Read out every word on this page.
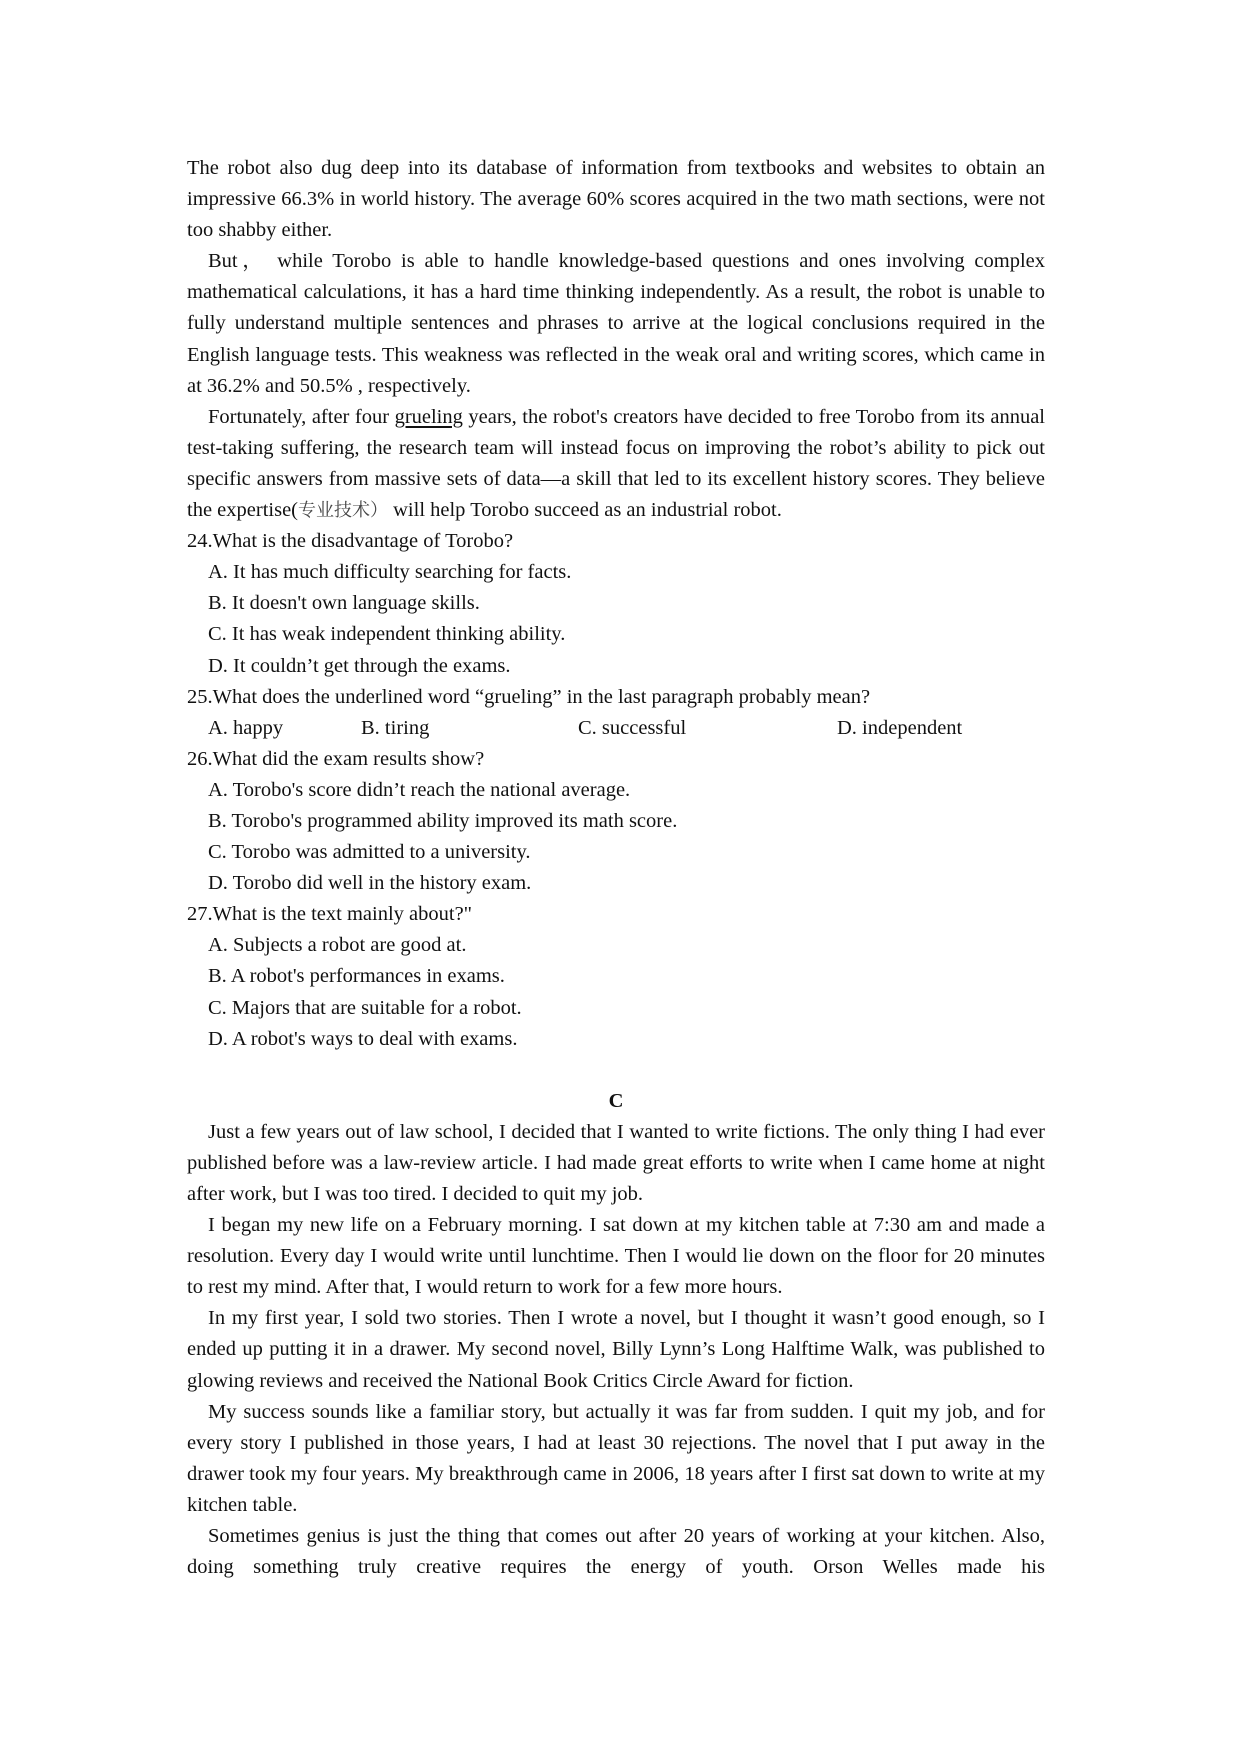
The robot also dug deep into its database of information from textbooks and websites to obtain an impressive 66.3% in world history. The average 60% scores acquired in the two math sections, were not too shabby either.

But， while Torobo is able to handle knowledge-based questions and ones involving complex mathematical calculations, it has a hard time thinking independently. As a result, the robot is unable to fully understand multiple sentences and phrases to arrive at the logical conclusions required in the English language tests. This weakness was reflected in the weak oral and writing scores, which came in at 36.2% and 50.5% , respectively.

Fortunately, after four grueling years, the robot's creators have decided to free Torobo from its annual test-taking suffering, the research team will instead focus on improving the robot’s ability to pick out specific answers from massive sets of data—a skill that led to its excellent history scores. They believe the expertise(专业技术） will help Torobo succeed as an industrial robot.

24.What is the disadvantage of Torobo?

A. It has much difficulty searching for facts.

B. It doesn't own language skills.

C. It has weak independent thinking ability.

D. It couldn’t get through the exams.

25.What does the underlined word “grueling” in the last paragraph probably mean?

A. happy	B. tiring	C. successful	D. independent

26.What did the exam results show?

A. Torobo's score didn’t reach the national average.

B. Torobo's programmed ability improved its math score.

C. Torobo was admitted to a university.

D. Torobo did well in the history exam.

27.What is the text mainly about?"

A. Subjects a robot are good at.

B. A robot's performances in exams.

C. Majors that are suitable for a robot.

D. A robot's ways to deal with exams.

C

Just a few years out of law school, I decided that I wanted to write fictions. The only thing I had ever published before was a law-review article. I had made great efforts to write when I came home at night after work, but I was too tired. I decided to quit my job.

I began my new life on a February morning. I sat down at my kitchen table at 7:30 am and made a resolution. Every day I would write until lunchtime. Then I would lie down on the floor for 20 minutes to rest my mind. After that, I would return to work for a few more hours.

In my first year, I sold two stories. Then I wrote a novel, but I thought it wasn’t good enough, so I ended up putting it in a drawer. My second novel, Billy Lynn’s Long Halftime Walk, was published to glowing reviews and received the National Book Critics Circle Award for fiction.

My success sounds like a familiar story, but actually it was far from sudden. I quit my job, and for every story I published in those years, I had at least 30 rejections. The novel that I put away in the drawer took my four years. My breakthrough came in 2006, 18 years after I first sat down to write at my kitchen table.

Sometimes genius is just the thing that comes out after 20 years of working at your kitchen. Also, doing something truly creative requires the energy of youth. Orson Welles made his
